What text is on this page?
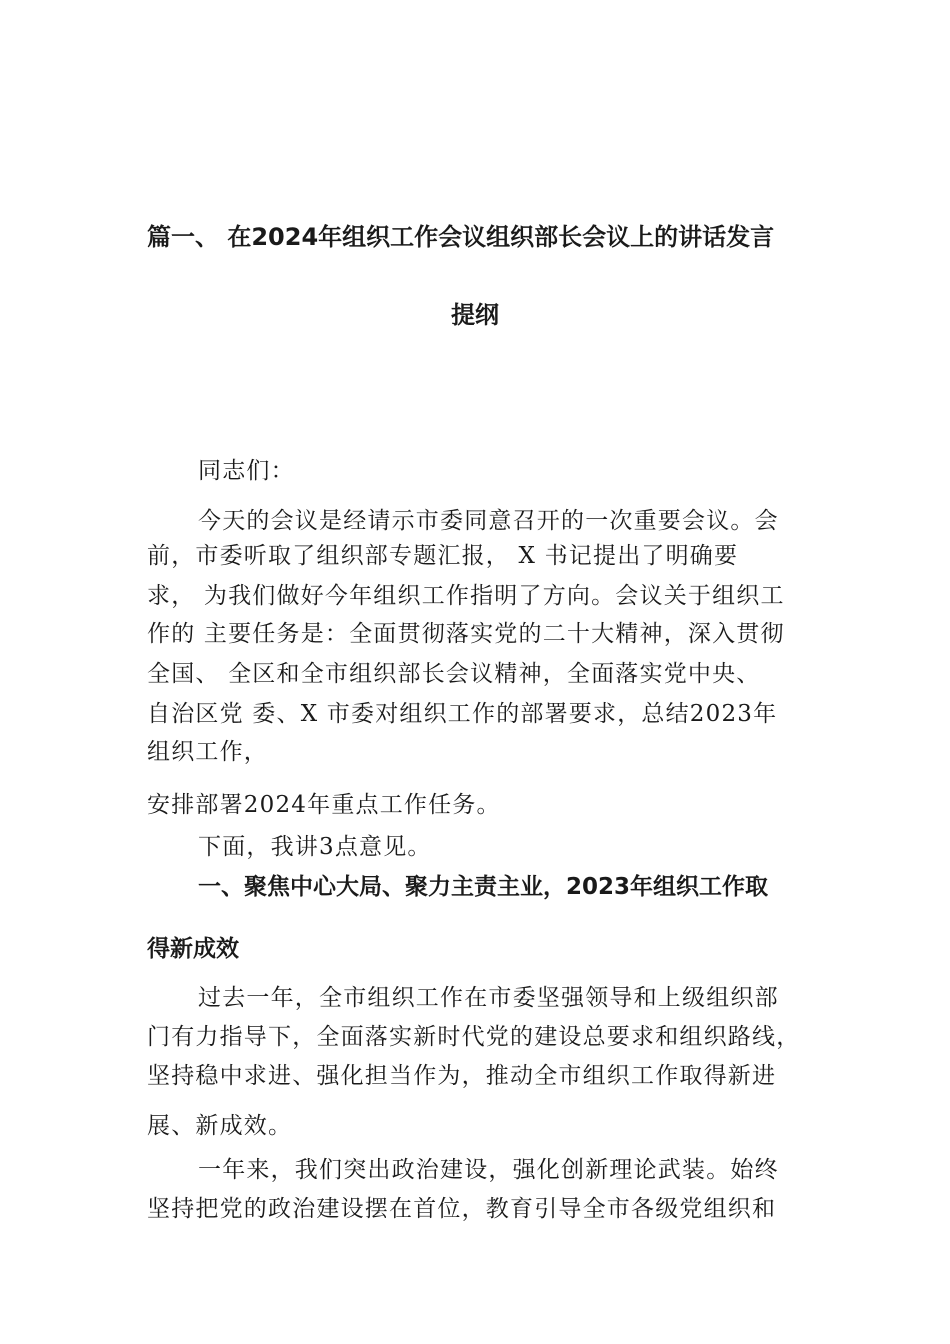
篇一、 在2024年组织工作会议组织部长会议上的讲话发言
提纲
同志们：
今天的会议是经请示市委同意召开的一次重要会议。会
前，市委听取了组织部专题汇报， X 书记提出了明确要
求， 为我们做好今年组织工作指明了方向。会议关于组织工
作的 主要任务是：全面贯彻落实党的二十大精神，深入贯彻
全国、 全区和全市组织部长会议精神，全面落实党中央、
自治区党 委、X 市委对组织工作的部署要求，总结2023年
组织工作，
安排部署2024年重点工作任务。
下面，我讲3点意见。
一、聚焦中心大局、聚力主责主业，2023年组织工作取
得新成效
过去一年，全市组织工作在市委坚强领导和上级组织部
门有力指导下，全面落实新时代党的建设总要求和组织路线，
坚持稳中求进、强化担当作为，推动全市组织工作取得新进
展、新成效。
一年来，我们突出政治建设，强化创新理论武装。始终
坚持把党的政治建设摆在首位，教育引导全市各级党组织和
